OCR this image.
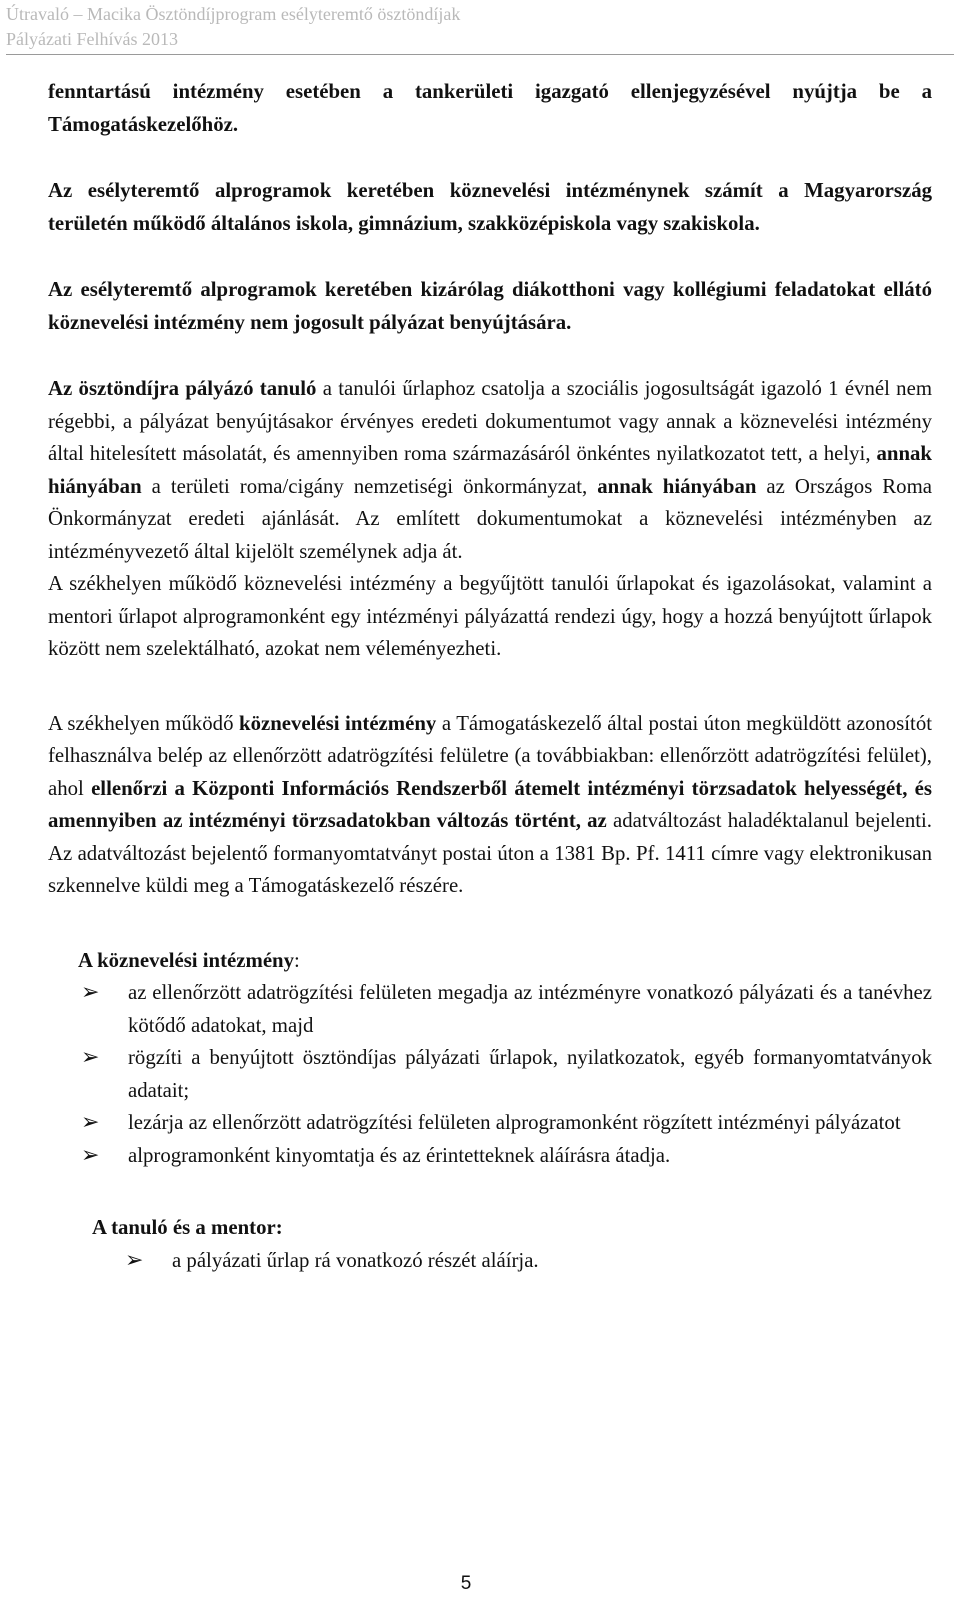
Útravaló – Macika Ösztöndíjprogram esélyteremtő ösztöndíjak
Pályázati Felhívás 2013

fenntartású intézmény esetében a tankerületi igazgató ellenjegyzésével nyújtja be a Támogatáskezelőhöz.

Az esélyteremtő alprogramok keretében köznevelési intézménynek számít a Magyarország területén működő általános iskola, gimnázium, szakközépiskola vagy szakiskola.

Az esélyteremtő alprogramok keretében kizárólag diákotthoni vagy kollégiumi feladatokat ellátó köznevelési intézmény nem jogosult pályázat benyújtására.

Az ösztöndíjra pályázó tanuló a tanulói űrlaphoz csatolja a szociális jogosultságát igazoló 1 évnél nem régebbi, a pályázat benyújtásakor érvényes eredeti dokumentumot vagy annak a köznevelési intézmény által hitelesített másolatát, és amennyiben roma származásáról önkéntes nyilatkozatot tett, a helyi, annak hiányában a területi roma/cigány nemzetiségi önkormányzat, annak hiányában az Országos Roma Önkormányzat eredeti ajánlását. Az említett dokumentumokat a köznevelési intézményben az intézményvezető által kijelölt személynek adja át.

A székhelyen működő köznevelési intézmény a begyűjtött tanulói űrlapokat és igazolásokat, valamint a mentori űrlapot alprogramonként egy intézményi pályázattá rendezi úgy, hogy a hozzá benyújtott űrlapok között nem szelektálható, azokat nem véleményezheti.

A székhelyen működő köznevelési intézmény a Támogatáskezelő által postai úton megküldött azonosítót felhasználva belép az ellenőrzött adatrögzítési felületre (a továbbiakban: ellenőrzött adatrögzítési felület), ahol ellenőrzi a Központi Információs Rendszerből átemelt intézményi törzsadatok helyességét, és amennyiben az intézményi törzsadatokban változás történt, az adatváltozást haladéktalanul bejelenti. Az adatváltozást bejelentő formanyomtatványt postai úton a 1381 Bp. Pf. 1411 címre vagy elektronikusan szkennelve küldi meg a Támogatáskezelő részére.

A köznevelési intézmény:
➢ az ellenőrzött adatrögzítési felületen megadja az intézményre vonatkozó pályázati és a tanévhez kötődő adatokat, majd
➢ rögzíti a benyújtott ösztöndíjas pályázati űrlapok, nyilatkozatok, egyéb formanyomtatványok adatait;
➢ lezárja az ellenőrzött adatrögzítési felületen alprogramonként rögzített intézményi pályázatot
➢ alprogramonként kinyomtatja és az érintetteknek aláírásra átadja.
A tanuló és a mentor:
➢ a pályázati űrlap rá vonatkozó részét aláírja.
5
